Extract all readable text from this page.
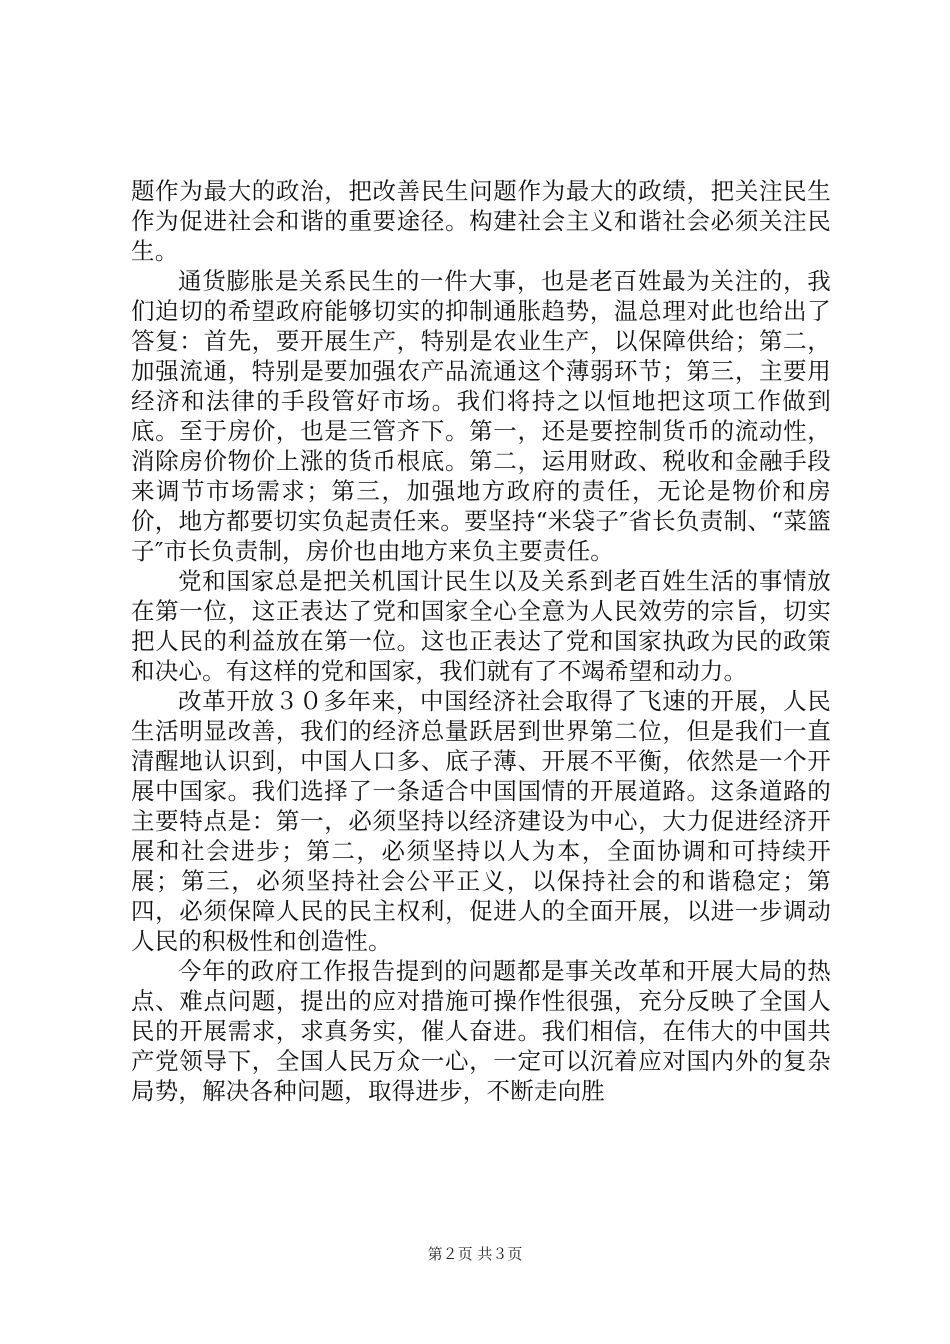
题作为最大的政治，把改善民生问题作为最大的政绩，把关注民生作为促进社会和谐的重要途径。构建社会主义和谐社会必须关注民生。

通货膨胀是关系民生的一件大事，也是老百姓最为关注的，我们迫切的希望政府能够切实的抑制通胀趋势，温总理对此也给出了答复：首先，要开展生产，特别是农业生产，以保障供给；第二，加强流通，特别是要加强农产品流通这个薄弱环节；第三，主要用经济和法律的手段管好市场。我们将持之以恒地把这项工作做到底。至于房价，也是三管齐下。第一，还是要控制货币的流动性，消除房价物价上涨的货币根底。第二，运用财政、税收和金融手段来调节市场需求；第三，加强地方政府的责任，无论是物价和房价，地方都要切实负起责任来。要坚持“米袋子″省长负责制、“菜篮子″市长负责制，房价也由地方来负主要责任。

党和国家总是把关机国计民生以及关系到老百姓生活的事情放在第一位，这正表达了党和国家全心全意为人民效劳的宗旨，切实把人民的利益放在第一位。这也正表达了党和国家执政为民的政策和决心。有这样的党和国家，我们就有了不竭希望和动力。

改革开放３０多年来，中国经济社会取得了飞速的开展，人民生活明显改善，我们的经济总量跃居到世界第二位，但是我们一直清醒地认识到，中国人口多、底子薄、开展不平衡，依然是一个开展中国家。我们选择了一条适合中国国情的开展道路。这条道路的主要特点是：第一，必须坚持以经济建设为中心，大力促进经济开展和社会进步；第二，必须坚持以人为本，全面协调和可持续开展；第三，必须坚持社会公平正义，以保持社会的和谐稳定；第四，必须保障人民的民主权利，促进人的全面开展，以进一步调动人民的积极性和创造性。

今年的政府工作报告提到的问题都是事关改革和开展大局的热点、难点问题，提出的应对措施可操作性很强，充分反映了全国人民的开展需求，求真务实，催人奋进。我们相信，在伟大的中国共产党领导下，全国人民万众一心，一定可以沉着应对国内外的复杂局势，解决各种问题，取得进步，不断走向胜

第２页 共３页
